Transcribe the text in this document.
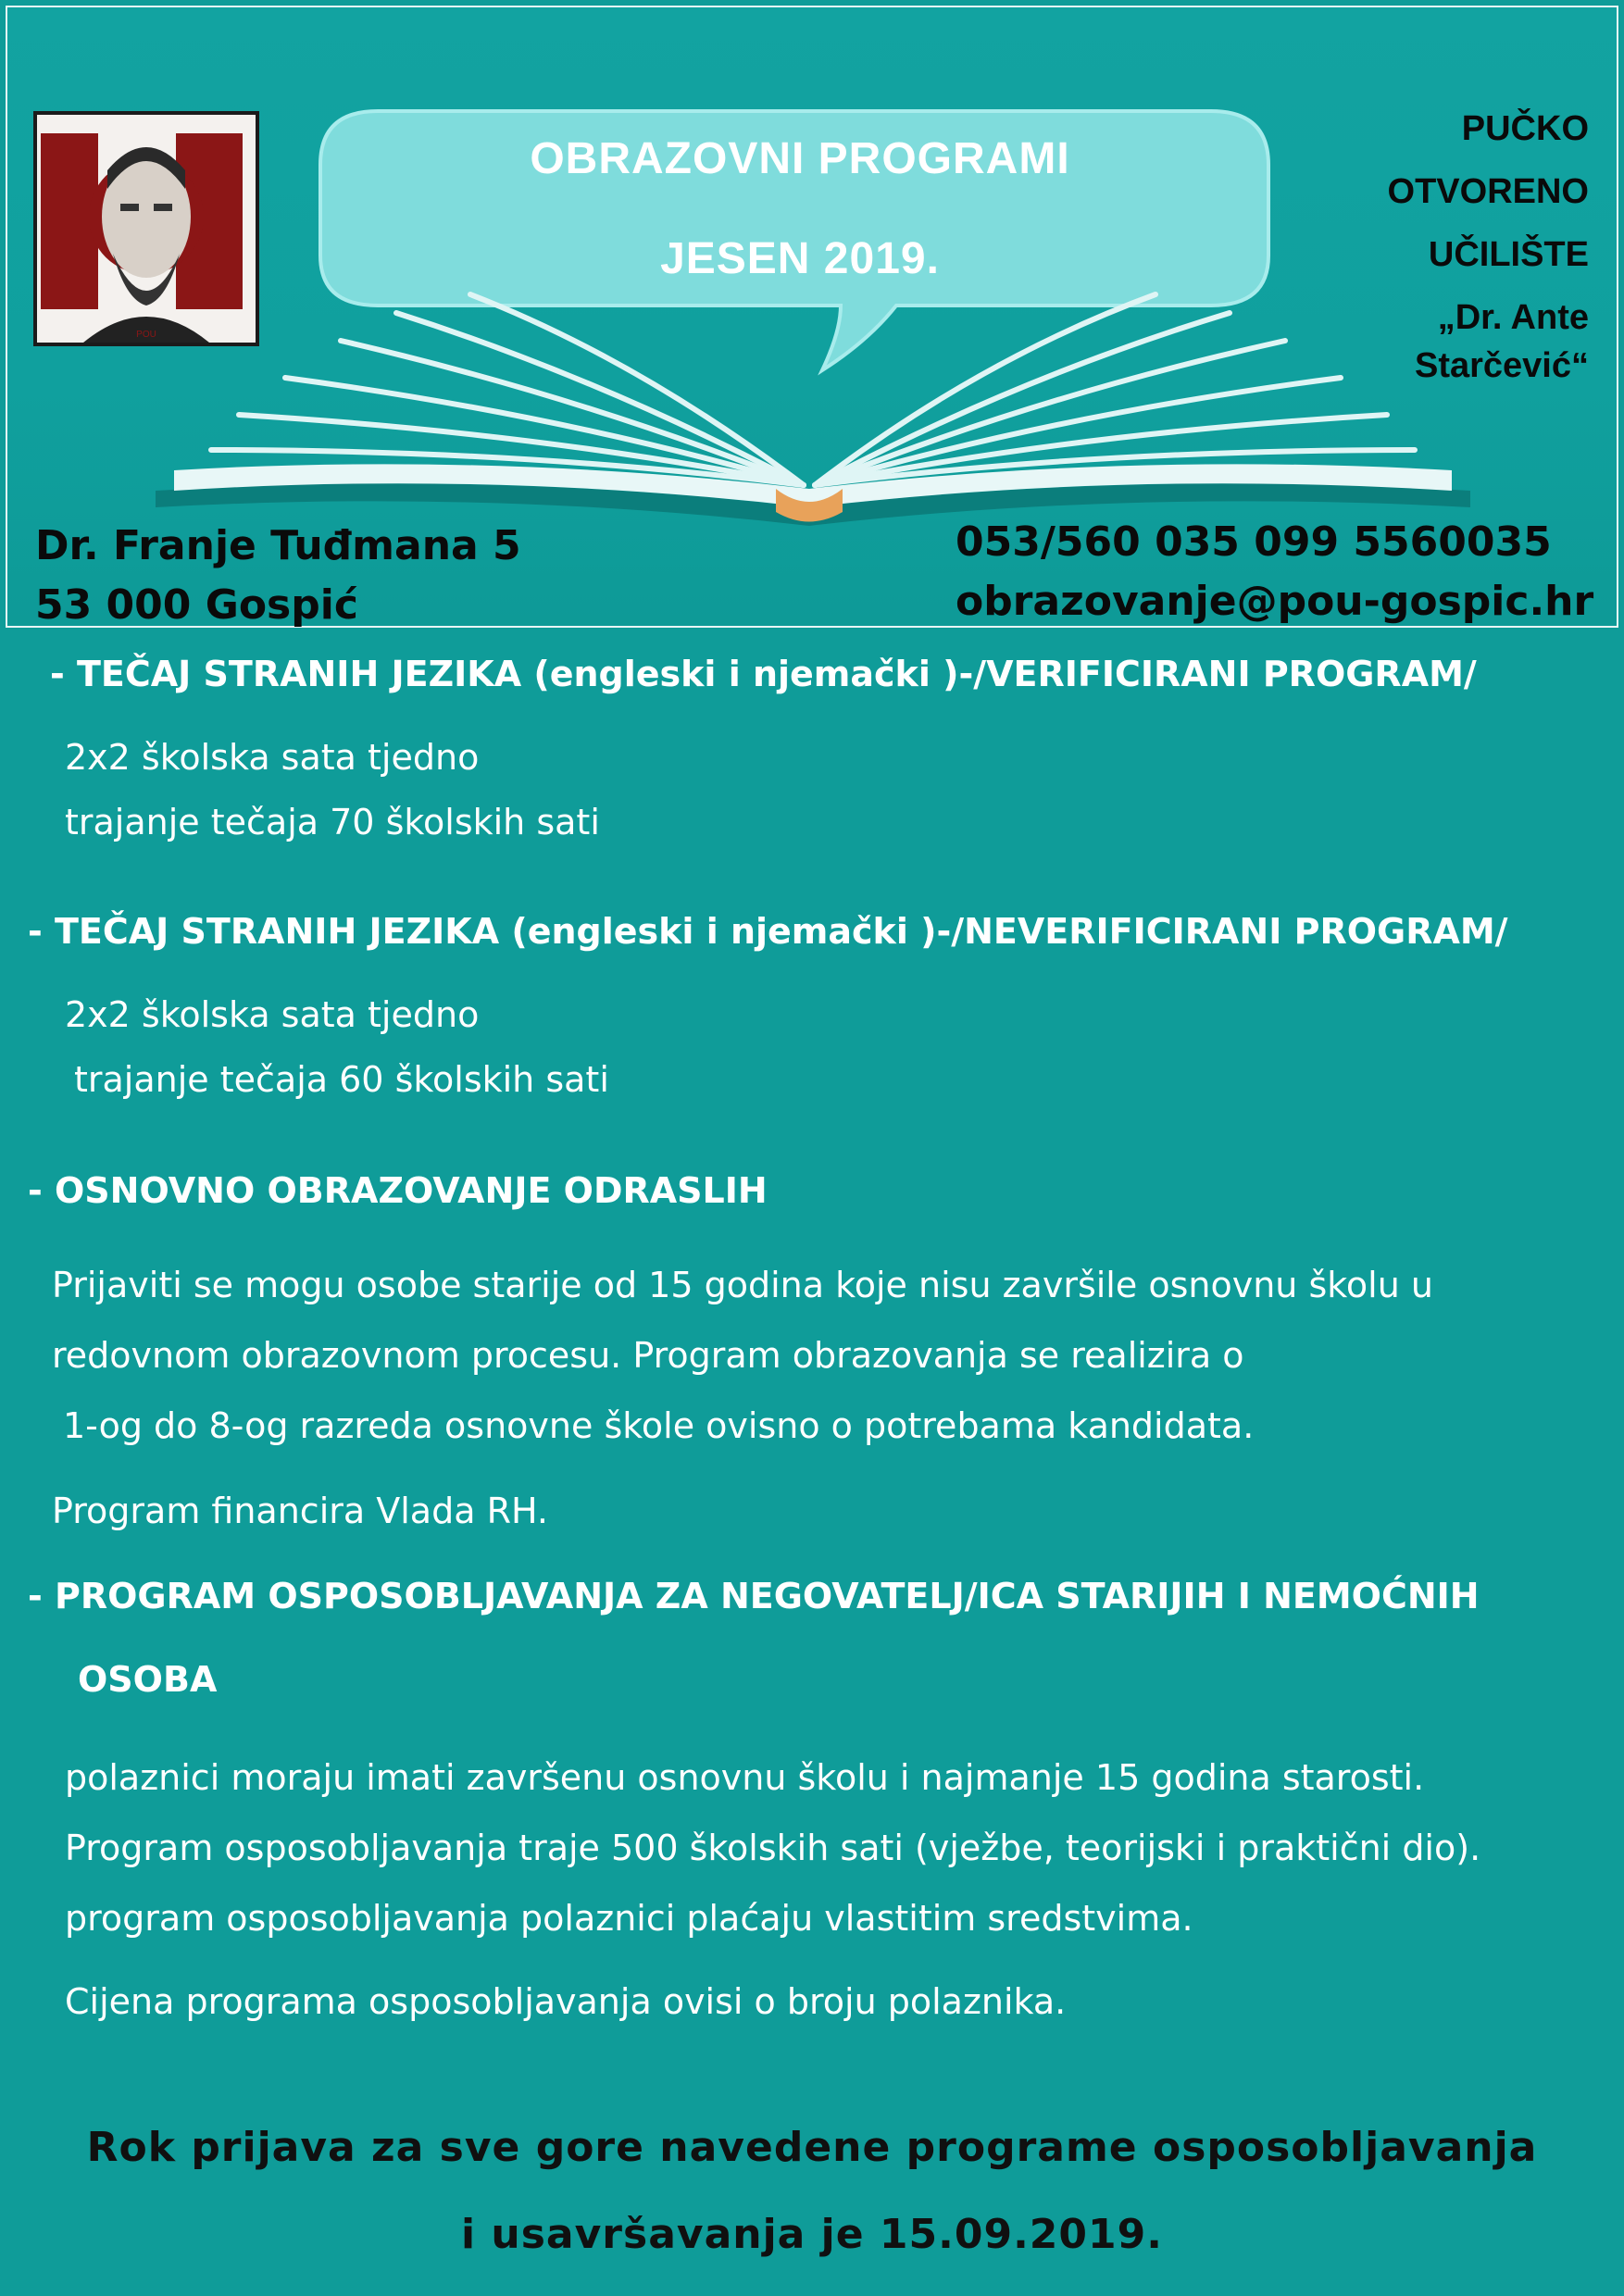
POU
OBRAZOVNI PROGRAMI
JESEN 2019.
PUČKO
OTVORENO
UČILIŠTE
„Dr. Ante
Starčević“
Dr. Franje Tuđmana 5
53 000 Gospić
053/560 035 099 5560035
obrazovanje@pou-gospic.hr
- TEČAJ STRANIH JEZIKA (engleski i njemački )-/VERIFICIRANI PROGRAM/
2x2 školska sata tjedno
trajanje tečaja 70 školskih sati
- TEČAJ STRANIH JEZIKA (engleski i njemački )-/NEVERIFICIRANI PROGRAM/
2x2 školska sata tjedno
trajanje tečaja 60 školskih sati
- OSNOVNO OBRAZOVANJE ODRASLIH
Prijaviti se mogu osobe starije od 15 godina koje nisu završile osnovnu školu u
redovnom obrazovnom procesu. Program obrazovanja se realizira o
1-og do 8-og razreda osnovne škole ovisno o potrebama kandidata.
Program financira Vlada RH.
- PROGRAM OSPOSOBLJAVANJA ZA NEGOVATELJ/ICA STARIJIH I NEMOĆNIH
OSOBA
polaznici moraju imati završenu osnovnu školu i najmanje 15 godina starosti.
Program osposobljavanja traje 500 školskih sati (vježbe, teorijski i praktični dio).
program osposobljavanja polaznici plaćaju vlastitim sredstvima.
Cijena programa osposobljavanja ovisi o broju polaznika.
Rok prijava za sve gore navedene programe osposobljavanja
i usavršavanja je 15.09.2019.
